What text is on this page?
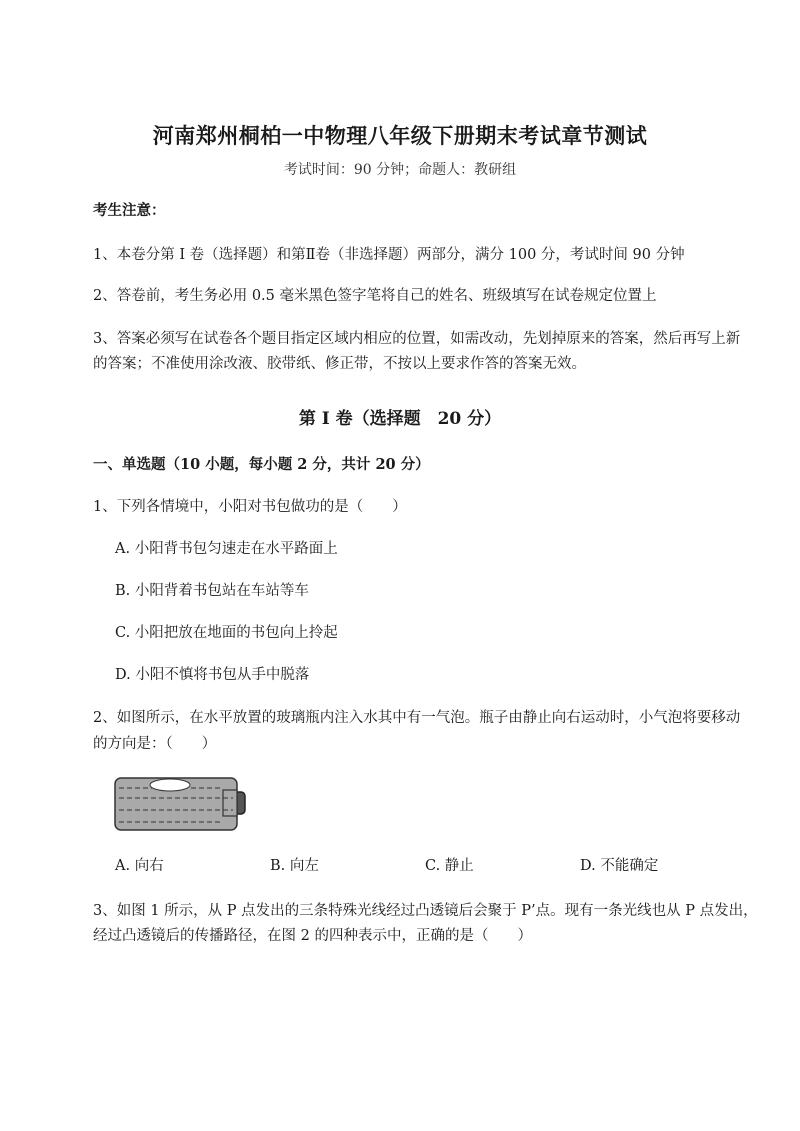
河南郑州桐柏一中物理八年级下册期末考试章节测试
考试时间：90 分钟；命题人：教研组
考生注意：
1、本卷分第 I 卷（选择题）和第Ⅱ卷（非选择题）两部分，满分 100 分，考试时间 90 分钟
2、答卷前，考生务必用 0.5 毫米黑色签字笔将自己的姓名、班级填写在试卷规定位置上
3、答案必须写在试卷各个题目指定区域内相应的位置，如需改动，先划掉原来的答案，然后再写上新
的答案；不准使用涂改液、胶带纸、修正带，不按以上要求作答的答案无效。
第 I 卷（选择题　20 分）
一、单选题（10 小题，每小题 2 分，共计 20 分）
1、下列各情境中，小阳对书包做功的是（　　）
A. 小阳背书包匀速走在水平路面上
B. 小阳背着书包站在车站等车
C. 小阳把放在地面的书包向上拎起
D. 小阳不慎将书包从手中脱落
2、如图所示，在水平放置的玻璃瓶内注入水其中有一气泡。瓶子由静止向右运动时，小气泡将要移动
的方向是：（　　）
A. 向右	B. 向左	C. 静止	D. 不能确定
3、如图 1 所示，从 P 点发出的三条特殊光线经过凸透镜后会聚于 P’点。现有一条光线也从 P 点发出，
经过凸透镜后的传播路径，在图 2 的四种表示中，正确的是（　　）
